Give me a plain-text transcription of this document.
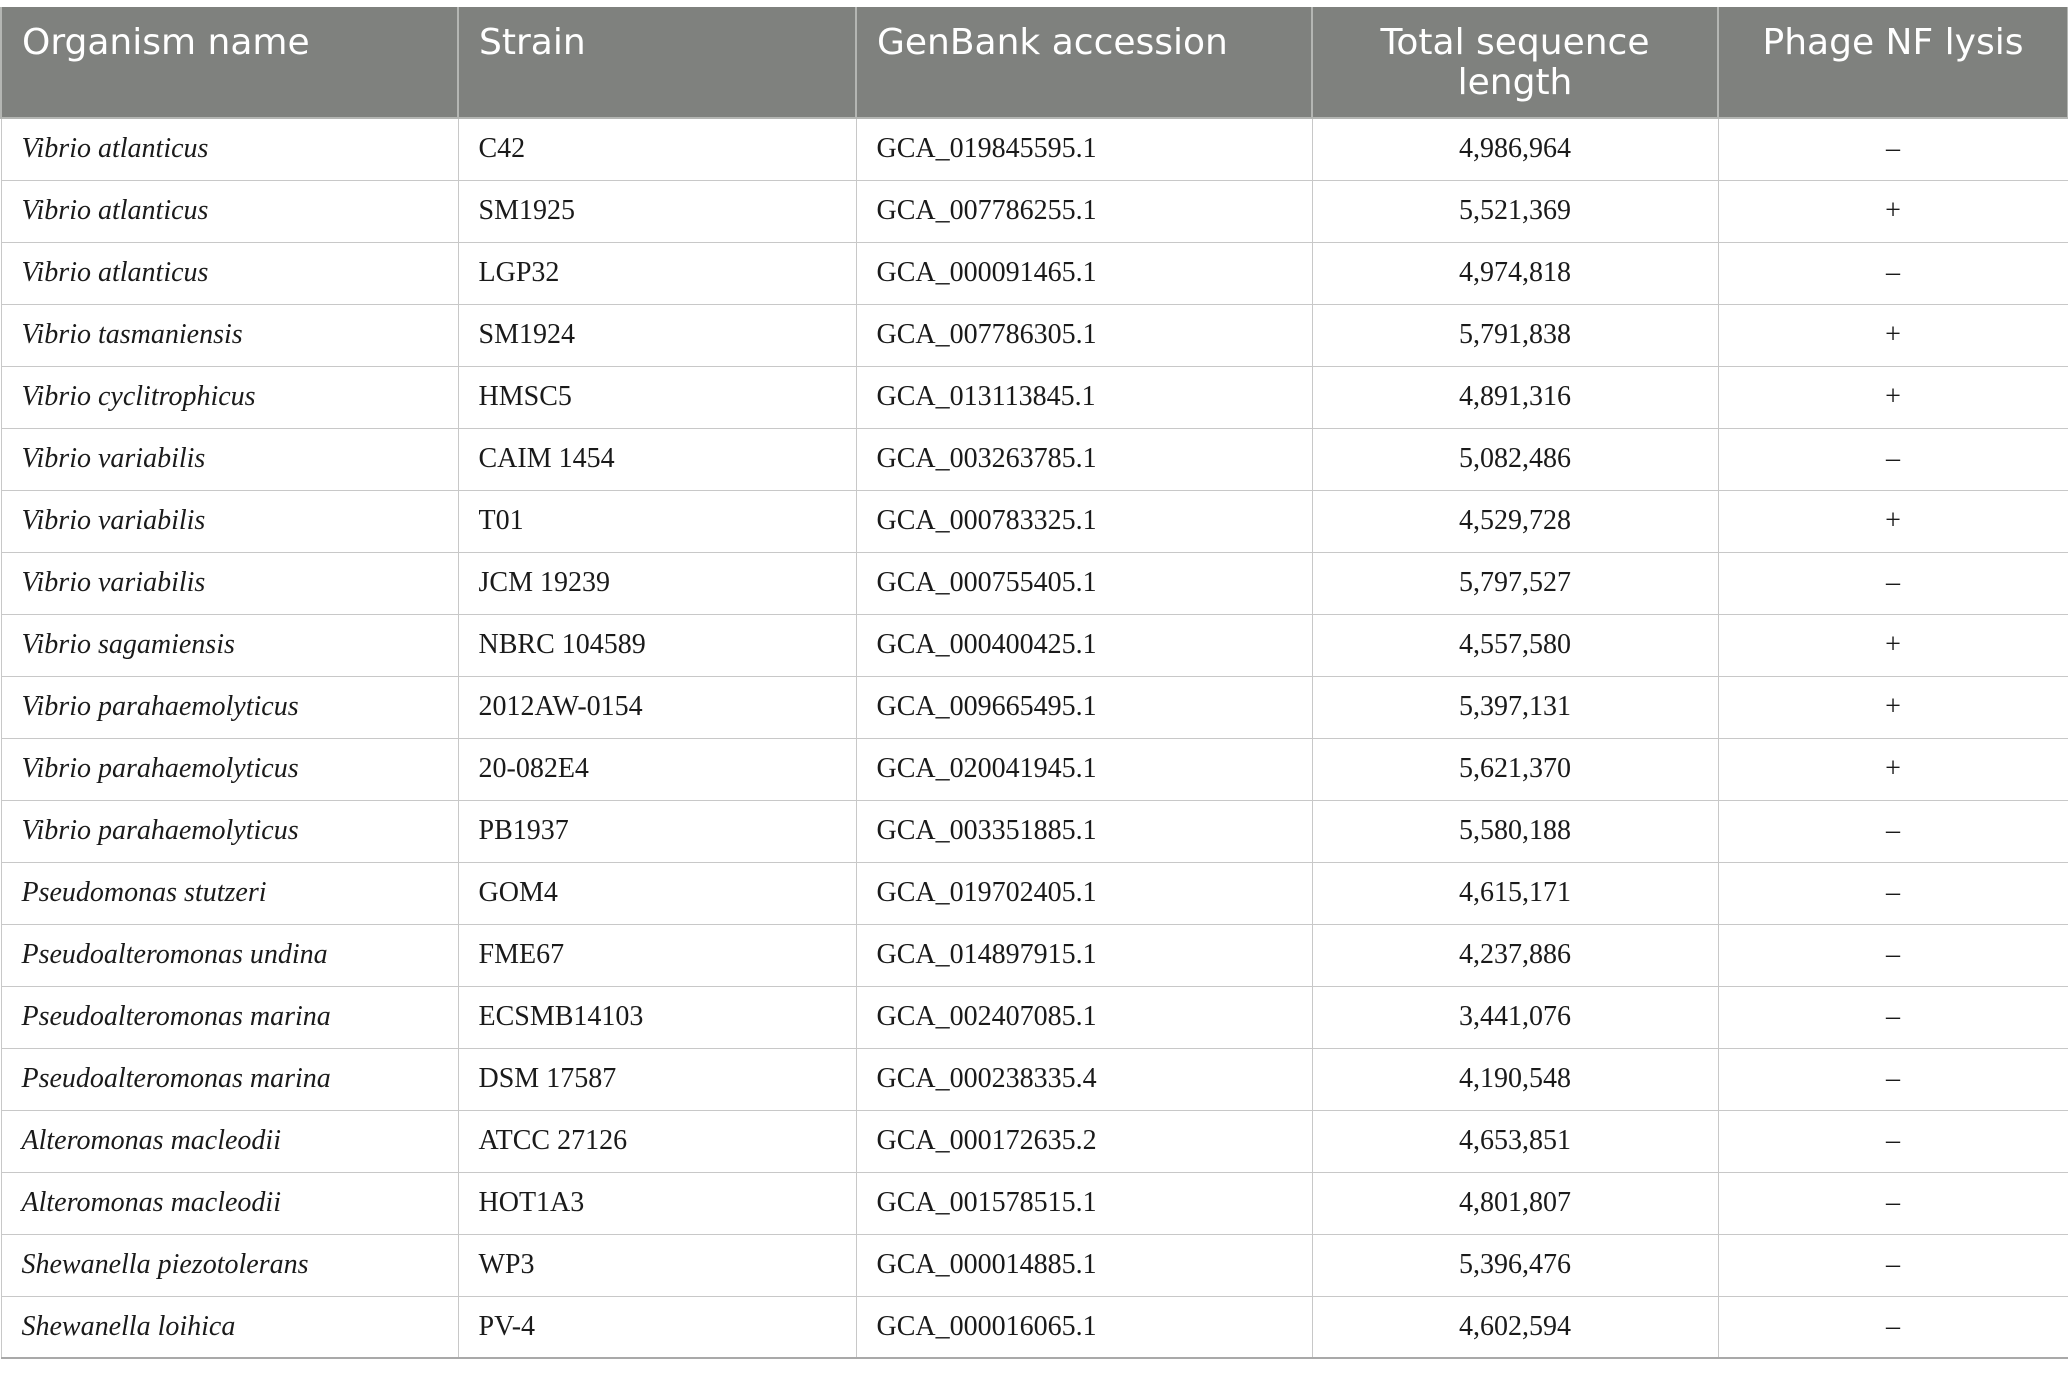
Organism name	Strain	GenBank accession	Total sequence length	Phage NF lysis
Vibrio atlanticus	C42	GCA_019845595.1	4,986,964	–
Vibrio atlanticus	SM1925	GCA_007786255.1	5,521,369	+
Vibrio atlanticus	LGP32	GCA_000091465.1	4,974,818	–
Vibrio tasmaniensis	SM1924	GCA_007786305.1	5,791,838	+
Vibrio cyclitrophicus	HMSC5	GCA_013113845.1	4,891,316	+
Vibrio variabilis	CAIM 1454	GCA_003263785.1	5,082,486	–
Vibrio variabilis	T01	GCA_000783325.1	4,529,728	+
Vibrio variabilis	JCM 19239	GCA_000755405.1	5,797,527	–
Vibrio sagamiensis	NBRC 104589	GCA_000400425.1	4,557,580	+
Vibrio parahaemolyticus	2012AW-0154	GCA_009665495.1	5,397,131	+
Vibrio parahaemolyticus	20-082E4	GCA_020041945.1	5,621,370	+
Vibrio parahaemolyticus	PB1937	GCA_003351885.1	5,580,188	–
Pseudomonas stutzeri	GOM4	GCA_019702405.1	4,615,171	–
Pseudoalteromonas undina	FME67	GCA_014897915.1	4,237,886	–
Pseudoalteromonas marina	ECSMB14103	GCA_002407085.1	3,441,076	–
Pseudoalteromonas marina	DSM 17587	GCA_000238335.4	4,190,548	–
Alteromonas macleodii	ATCC 27126	GCA_000172635.2	4,653,851	–
Alteromonas macleodii	HOT1A3	GCA_001578515.1	4,801,807	–
Shewanella piezotolerans	WP3	GCA_000014885.1	5,396,476	–
Shewanella loihica	PV-4	GCA_000016065.1	4,602,594	–
